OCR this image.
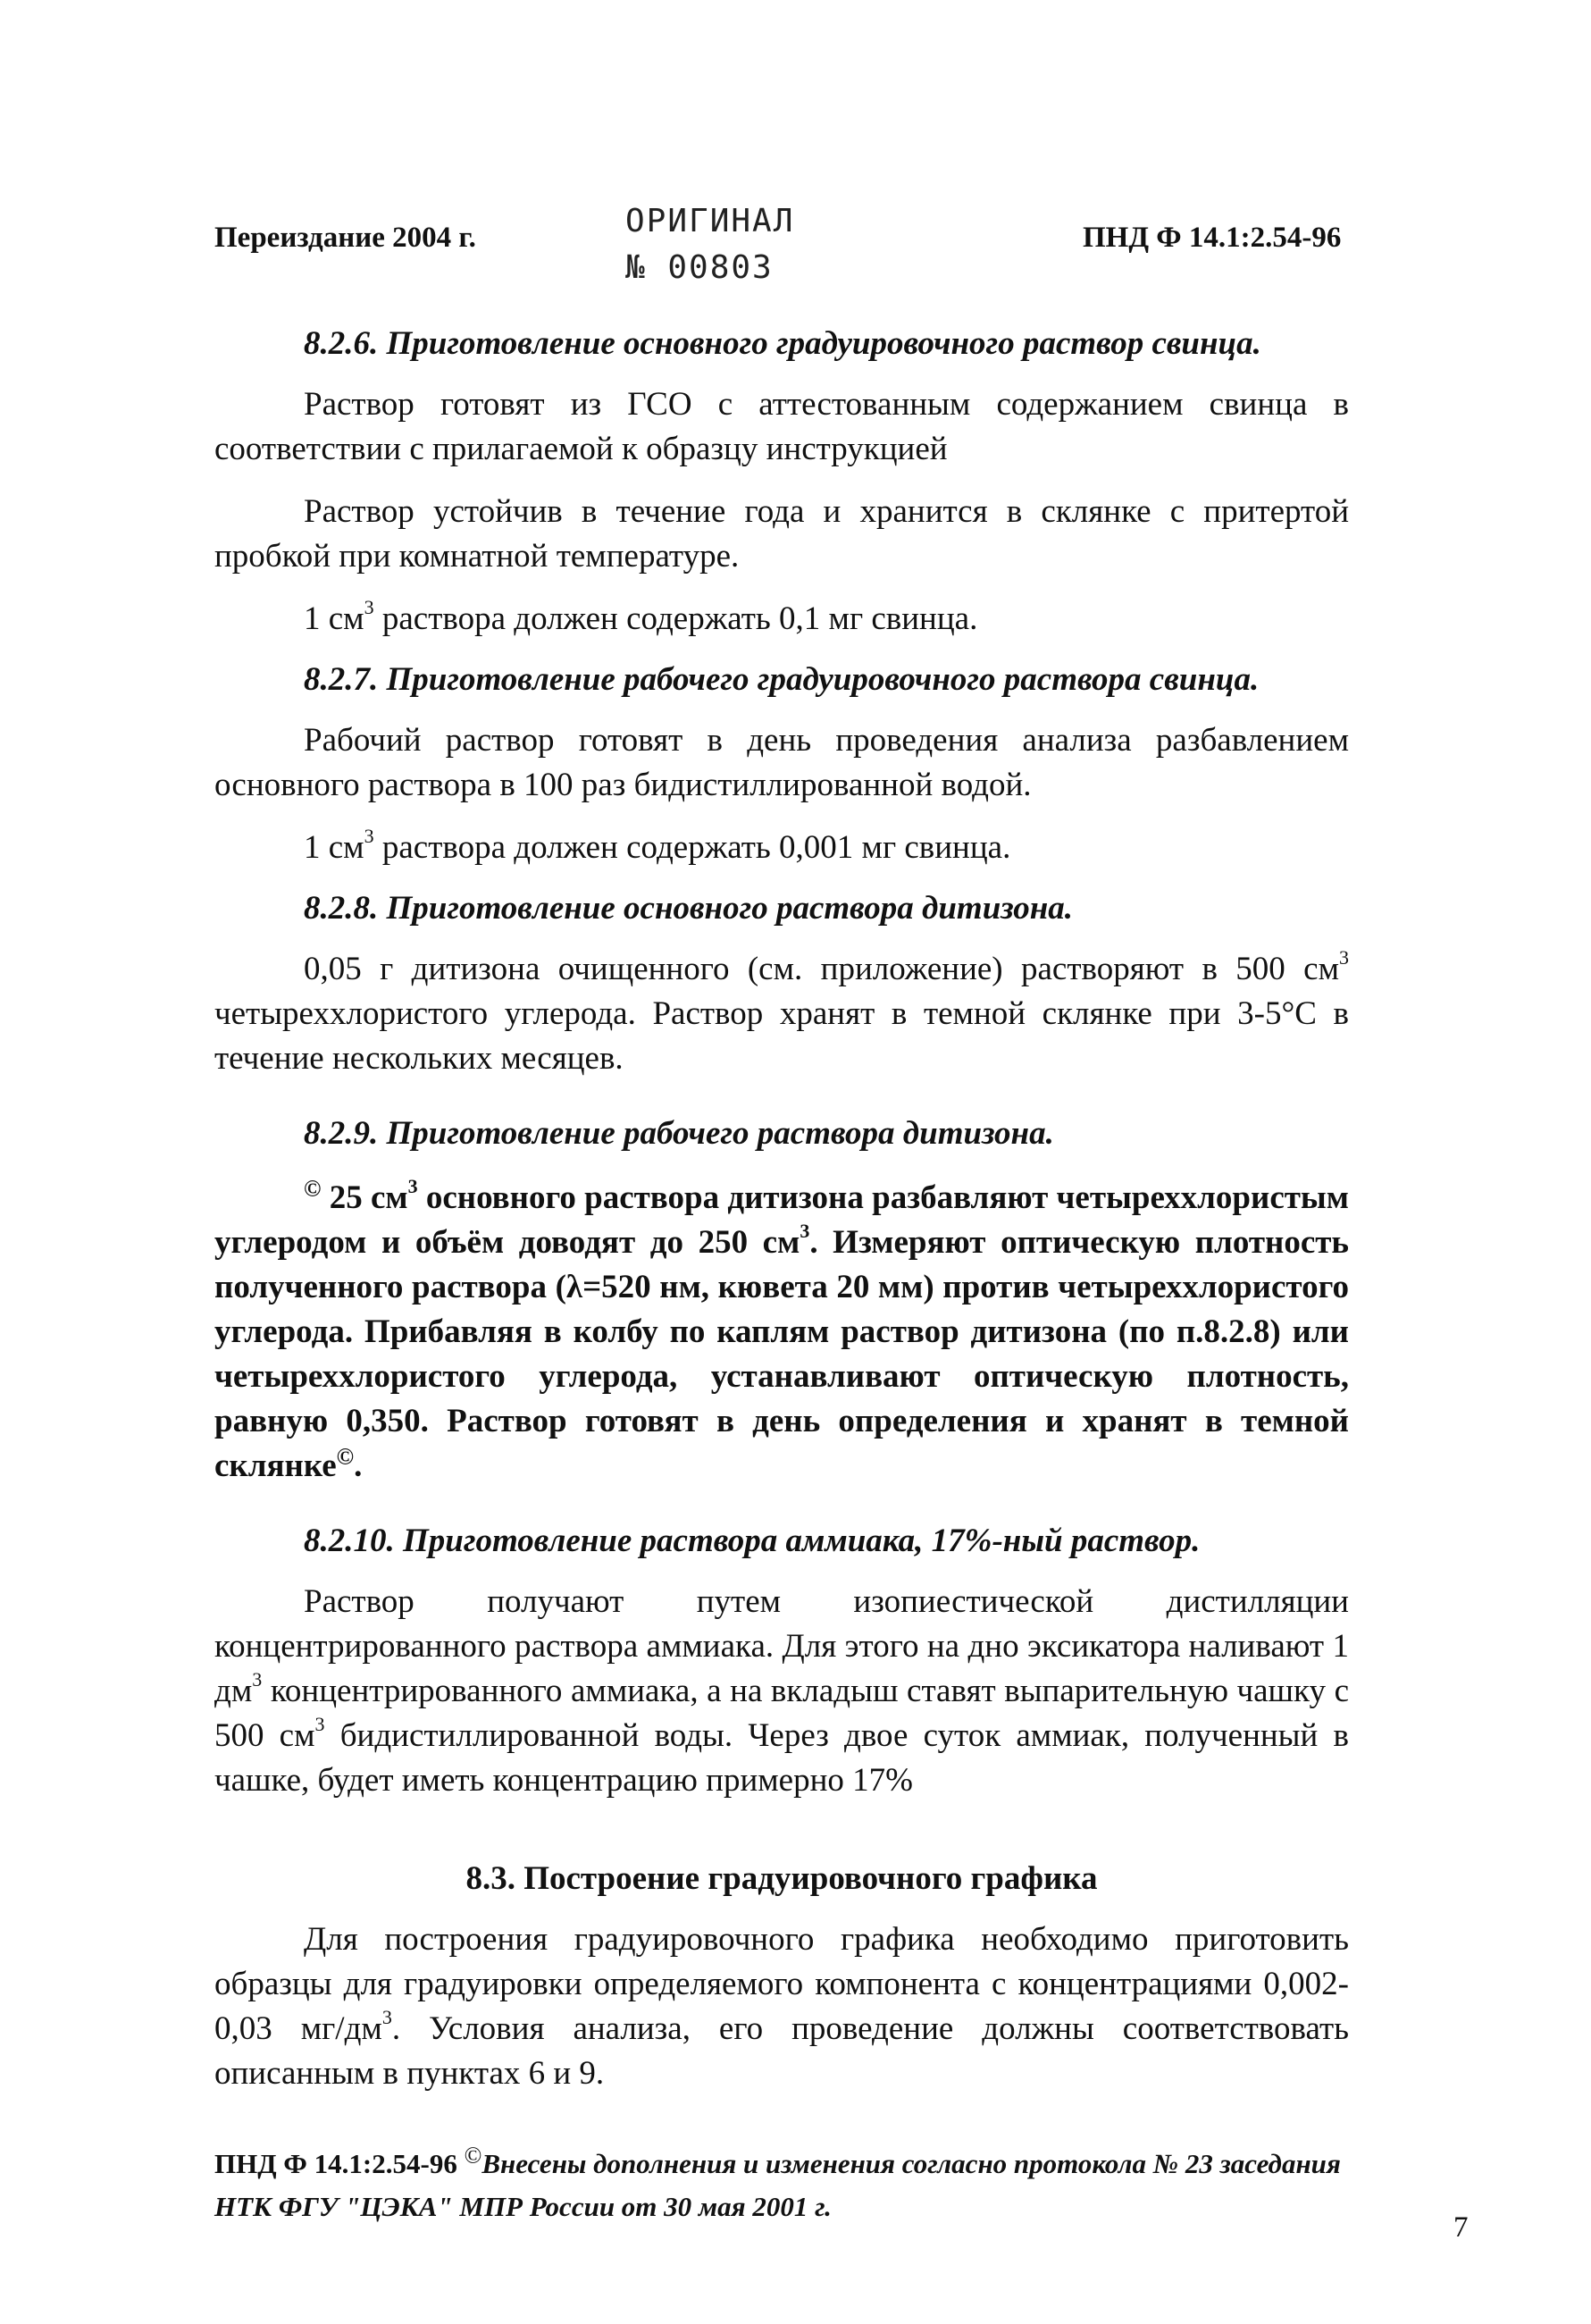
Переиздание 2004 г.	ОРИГИНАЛ
№ 00803
ПНД Ф 14.1:2.54-96

8.2.6. Приготовление основного градуировочного раствор свинца.

Раствор готовят из ГСО с аттестованным содержанием свинца в соответствии с прилагаемой к образцу инструкцией

Раствор устойчив в течение года и хранится в склянке с притертой пробкой при комнатной температуре.

1 $см^3$ раствора должен содержать 0,1 мг свинца.

8.2.7. Приготовление рабочего градуировочного раствора свинца.

Рабочий раствор готовят в день проведения анализа разбавлением основного раствора в 100 раз бидистиллированной водой.

1 $см^3$ раствора должен содержать 0,001 мг свинца.

8.2.8. Приготовление основного раствора дитизона.

0,05 г дитизона очищенного (см. приложение) растворяют в 500 $см^3$ четыреххлористого углерода. Раствор хранят в темной склянке при 3-5°С в течение нескольких месяцев.

8.2.9. Приготовление рабочего раствора дитизона.

© 25 $см^3$ основного раствора дитизона разбавляют четыреххлористым углеродом и объём доводят до 250 $см^3$. Измеряют оптическую плотность полученного раствора (λ=520 нм, кювета 20 мм) против четыреххлористого углерода. Прибавляя в колбу по каплям раствор дитизона (по п.8.2.8) или четыреххлористого углерода, устанавливают оптическую плотность, равную 0,350. Раствор готовят в день определения и хранят в темной склянке©.

8.2.10. Приготовление раствора аммиака, 17%-ный раствор.

Раствор получают путем изопиестической дистилляции концентрированного раствора аммиака. Для этого на дно эксикатора наливают 1 $дм^3$ концентрированного аммиака, а на вкладыш ставят выпарительную чашку с 500 $см^3$ бидистиллированной воды. Через двое суток аммиак, полученный в чашке, будет иметь концентрацию примерно 17%

8.3. Построение градуировочного графика

Для построения градуировочного графика необходимо приготовить образцы для градуировки определяемого компонента с концентрациями 0,002-0,03 $мг/дм^3$. Условия анализа, его проведение должны соответствовать описанным в пунктах 6 и 9.

ПНД Ф 14.1:2.54-96 ©Внесены дополнения и изменения согласно протокола № 23 заседания НТК ФГУ "ЦЭКА" МПР России от 30 мая 2001 г.
7
